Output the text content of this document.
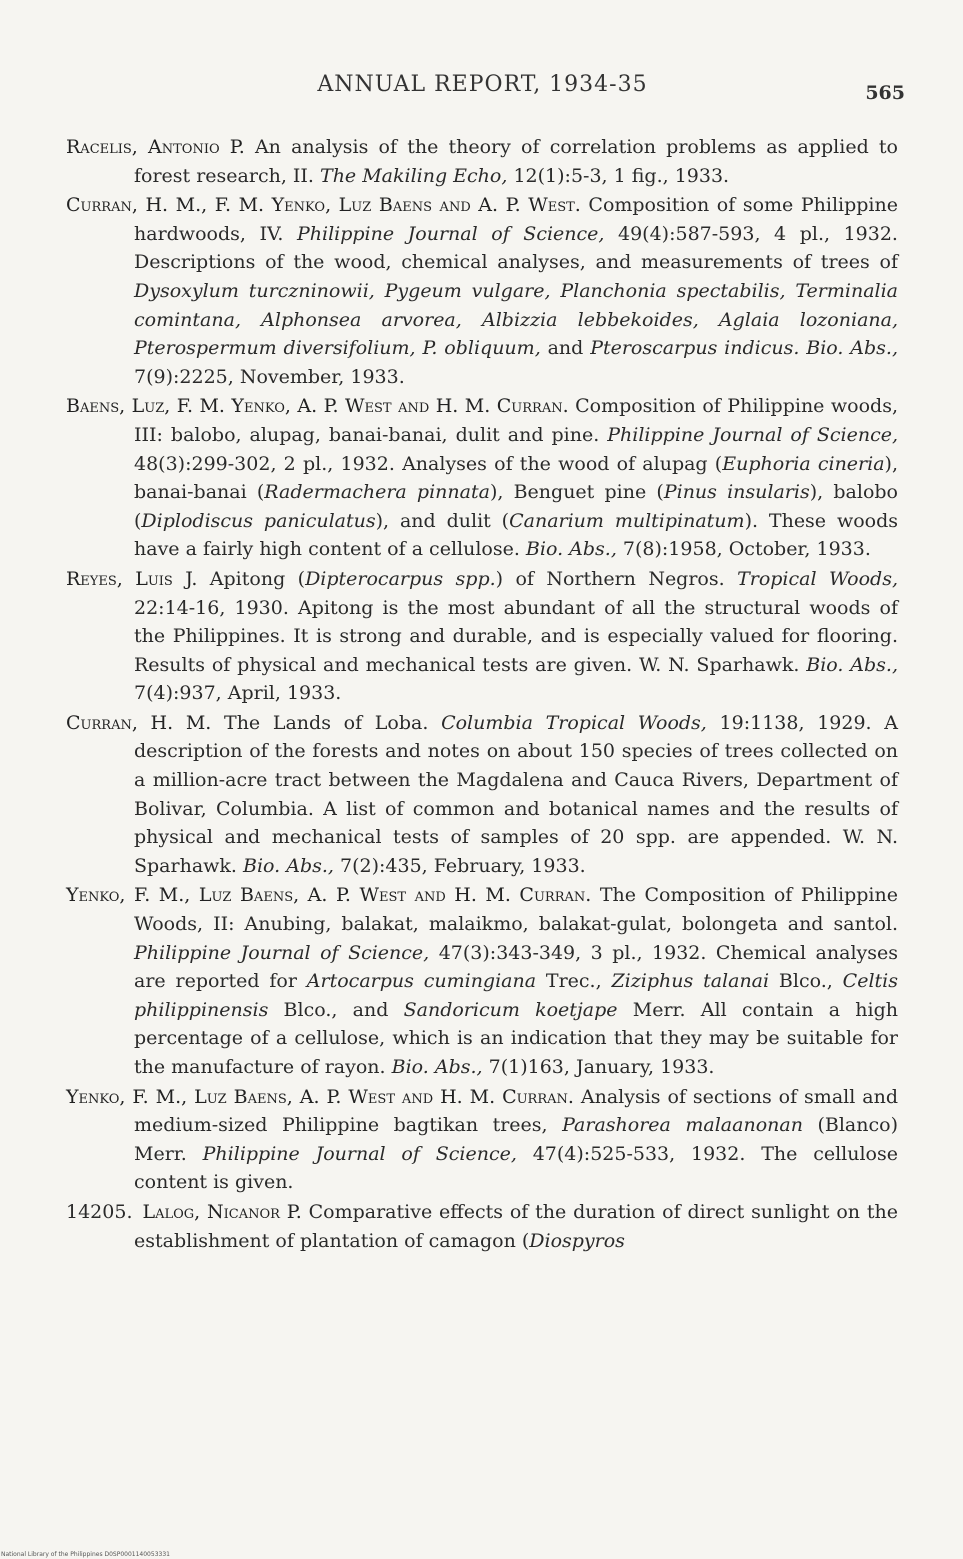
ANNUAL REPORT, 1934-35	565

Racelis, Antonio P. An analysis of the theory of correlation problems as applied to forest research, II. The Makiling Echo, 12(1):5-3, 1 fig., 1933.

Curran, H. M., F. M. Yenko, Luz Baens and A. P. West. Composition of some Philippine hardwoods, IV. Philippine Journal of Science, 49(4):587-593, 4 pl., 1932. Descriptions of the wood, chemical analyses, and measurements of trees of Dysoxylum turczninowii, Pygeum vulgare, Planchonia spectabilis, Terminalia comintana, Alphonsea arvorea, Albizzia lebbekoides, Aglaia lozoniana, Pterospermum diversifolium, P. obliquum, and Pteroscarpus indicus. Bio. Abs., 7(9):2225, November, 1933.

Baens, Luz, F. M. Yenko, A. P. West and H. M. Curran. Composition of Philippine woods, III: balobo, alupag, banai-banai, dulit and pine. Philippine Journal of Science, 48(3):299-302, 2 pl., 1932. Analyses of the wood of alupag (Euphoria cineria), banai-banai (Radermachera pinnata), Benguet pine (Pinus insularis), balobo (Diplodiscus paniculatus), and dulit (Canarium multipinatum). These woods have a fairly high content of a cellulose. Bio. Abs., 7(8):1958, October, 1933.

Reyes, Luis J. Apitong (Dipterocarpus spp.) of Northern Negros. Tropical Woods, 22:14-16, 1930. Apitong is the most abundant of all the structural woods of the Philippines. It is strong and durable, and is especially valued for flooring. Results of physical and mechanical tests are given. W. N. Sparhawk. Bio. Abs., 7(4):937, April, 1933.

Curran, H. M. The Lands of Loba. Columbia Tropical Woods, 19:1138, 1929. A description of the forests and notes on about 150 species of trees collected on a million-acre tract between the Magdalena and Cauca Rivers, Department of Bolivar, Columbia. A list of common and botanical names and the results of physical and mechanical tests of samples of 20 spp. are appended. W. N. Sparhawk. Bio. Abs., 7(2):435, February, 1933.

Yenko, F. M., Luz Baens, A. P. West and H. M. Curran. The Composition of Philippine Woods, II: Anubing, balakat, malaikmo, balakat-gulat, bolongeta and santol. Philippine Journal of Science, 47(3):343-349, 3 pl., 1932. Chemical analyses are reported for Artocarpus cumingiana Trec., Ziziphus talanai Blco., Celtis philippinensis Blco., and Sandoricum koetjape Merr. All contain a high percentage of a cellulose, which is an indication that they may be suitable for the manufacture of rayon. Bio. Abs., 7(1)163, January, 1933.

Yenko, F. M., Luz Baens, A. P. West and H. M. Curran. Analysis of sections of small and medium-sized Philippine bagtikan trees, Parashorea malaanonan (Blanco) Merr. Philippine Journal of Science, 47(4):525-533, 1932. The cellulose content is given.

14205. Lalog, Nicanor P. Comparative effects of the duration of direct sunlight on the establishment of plantation of camagon (Diospyros

National Library of the Philippines D0SP0001140053331
